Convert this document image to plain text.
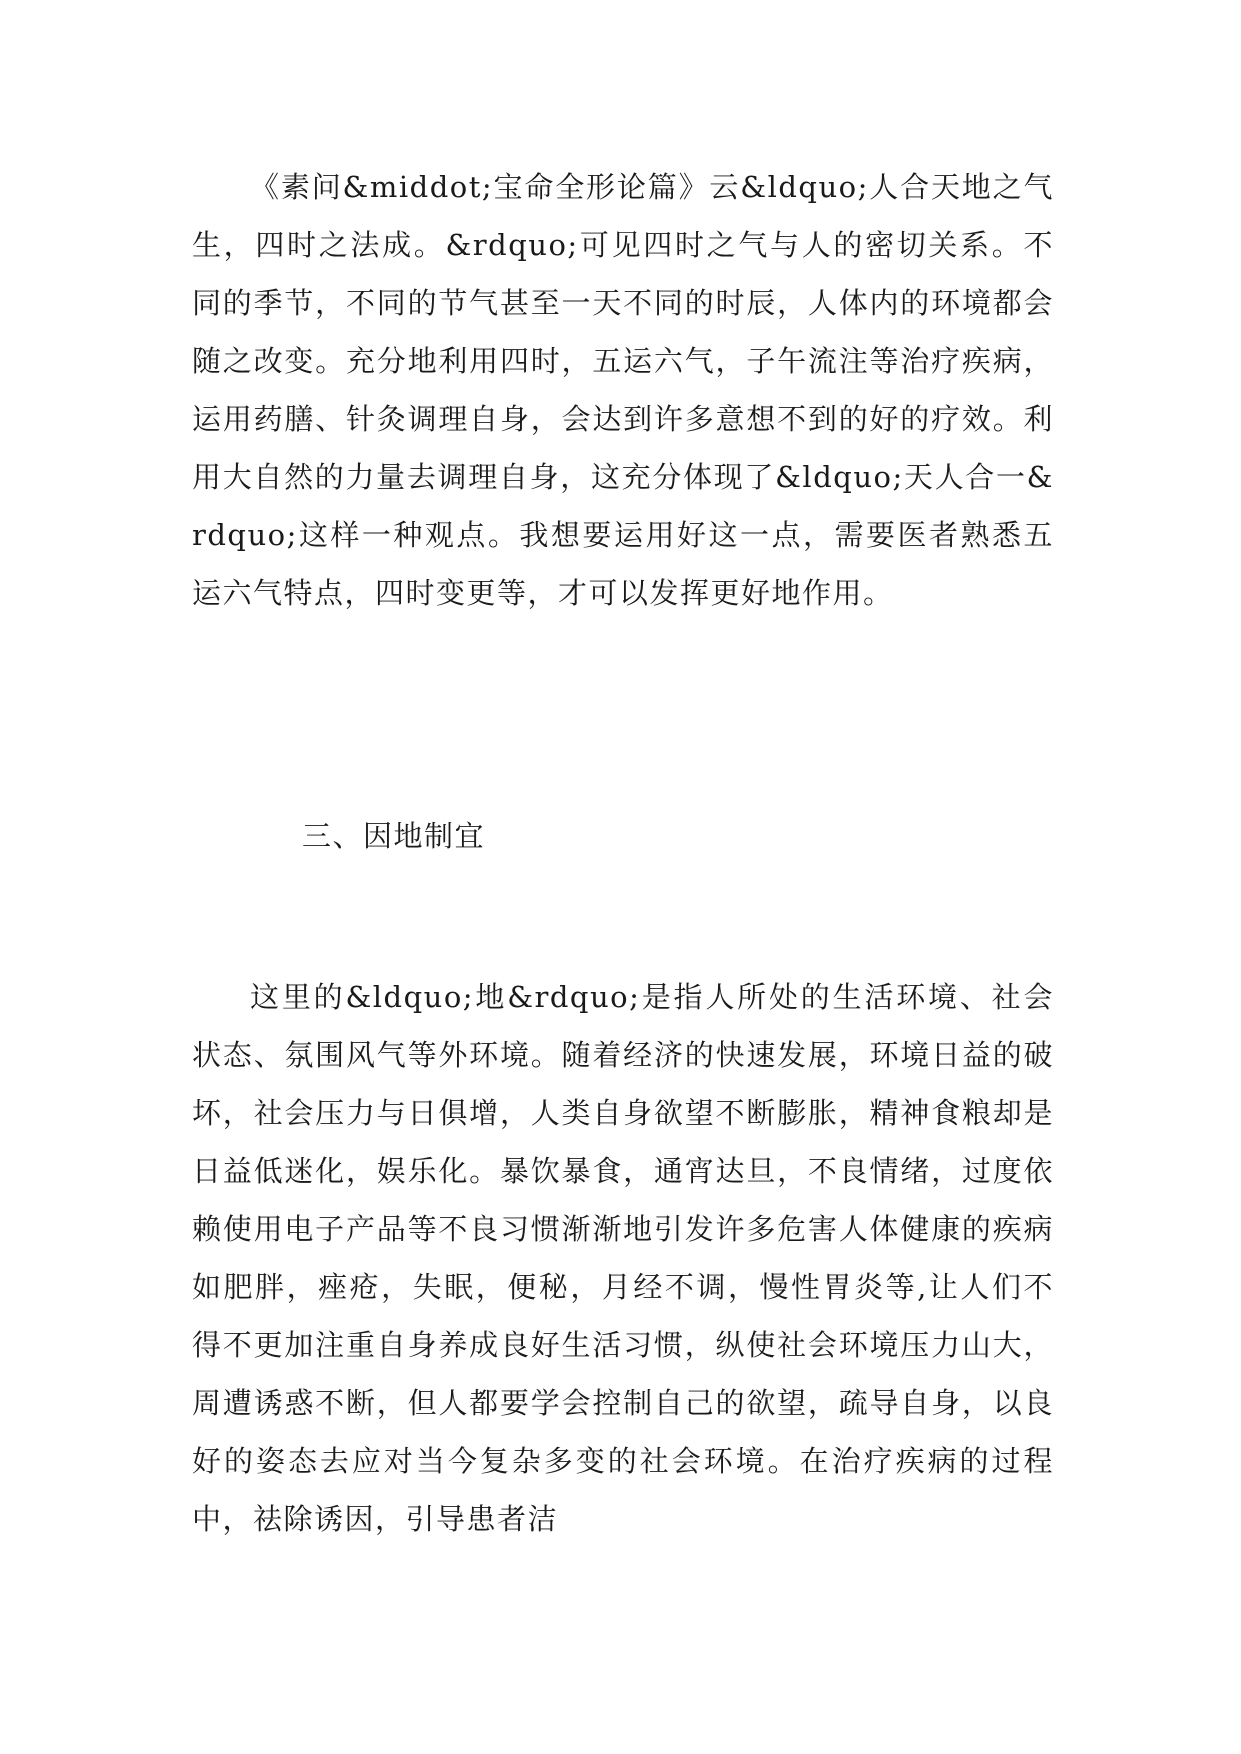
《素问&middot;宝命全形论篇》云&ldquo;人合天地之气生，四时之法成。&rdquo;可见四时之气与人的密切关系。不同的季节，不同的节气甚至一天不同的时辰，人体内的环境都会随之改变。充分地利用四时，五运六气，子午流注等治疗疾病，运用药膳、针灸调理自身，会达到许多意想不到的好的疗效。利用大自然的力量去调理自身，这充分体现了&ldquo;天人合一&rdquo;这样一种观点。我想要运用好这一点，需要医者熟悉五运六气特点，四时变更等，才可以发挥更好地作用。

三、因地制宜

这里的&ldquo;地&rdquo;是指人所处的生活环境、社会状态、氛围风气等外环境。随着经济的快速发展，环境日益的破坏，社会压力与日俱增，人类自身欲望不断膨胀，精神食粮却是日益低迷化，娱乐化。暴饮暴食，通宵达旦，不良情绪，过度依赖使用电子产品等不良习惯渐渐地引发许多危害人体健康的疾病如肥胖，痤疮，失眠，便秘，月经不调，慢性胃炎等,让人们不得不更加注重自身养成良好生活习惯，纵使社会环境压力山大，周遭诱惑不断，但人都要学会控制自己的欲望，疏导自身，以良好的姿态去应对当今复杂多变的社会环境。在治疗疾病的过程中，祛除诱因，引导患者洁
